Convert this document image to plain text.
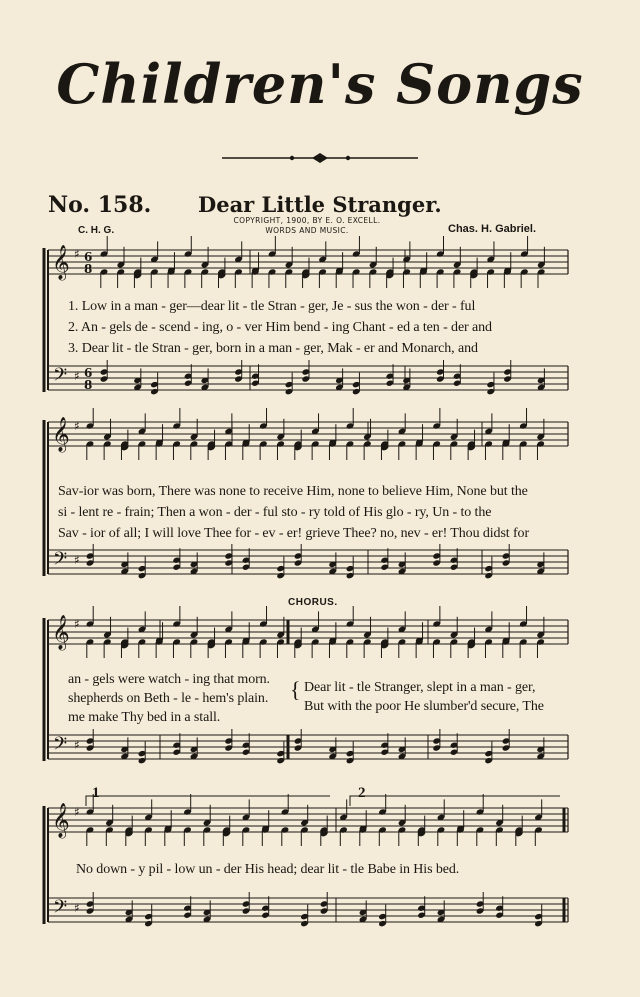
Children's Songs
No. 158. Dear Little Stranger.
COPYRIGHT, 1900, BY E. O. EXCELL.
WORDS AND MUSIC.
C. H. G.	Chas. H. Gabriel.
𝄞
𝄢
♯
♯
6
6
8
8
𝄞
𝄢
♯
♯
𝄞
𝄢
♯
♯
𝄞
𝄢
♯
♯
1. Low in a man - ger—dear lit - tle Stran - ger, Je - sus the won - der - ful
2. An - gels de - scend - ing, o - ver Him bend - ing Chant - ed a ten - der and
3. Dear lit - tle Stran - ger, born in a man - ger, Mak - er and Monarch, and
Sav-ior was born, There was none to receive Him, none to believe Him, None but the
si - lent re - frain; Then a won - der - ful sto - ry told of His glo - ry, Un - to the
Sav - ior of all; I will love Thee for - ev - er! grieve Thee? no, nev - er! Thou didst for
CHORUS.
an - gels were watch - ing that morn.
shepherds on Beth - le - hem's plain.
me make Thy bed in a stall.
{ Dear lit - tle Stranger, slept in a man - ger,
But with the poor He slumber'd secure, The
1	2
No down - y pil - low un - der His head; dear lit - tle Babe in His bed.
